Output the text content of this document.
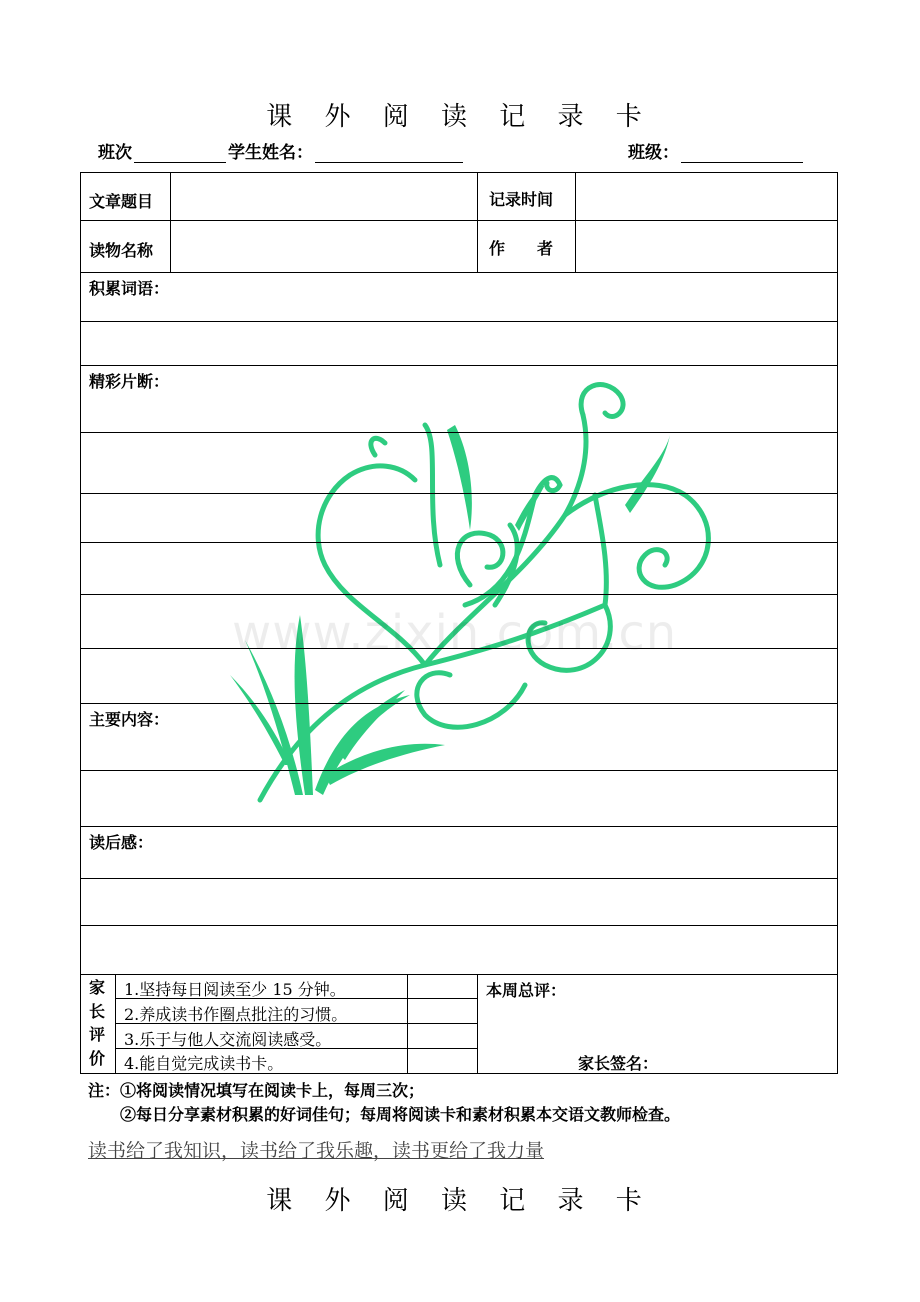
课 外 阅 读 记 录 卡
班次	学生姓名：	班级：
www.zixin.com.cn
文章题目	记录时间
读物名称	作　　者
积累词语：
精彩片断：
主要内容：
读后感：
家
长
评
价
1.坚持每日阅读至少 15 分钟。
2.养成读书作圈点批注的习惯。
3.乐于与他人交流阅读感受。
4.能自觉完成读书卡。
本周总评：
家长签名：
注：①将阅读情况填写在阅读卡上，每周三次；
②每日分享素材积累的好词佳句；每周将阅读卡和素材积累本交语文教师检查。
读书给了我知识，读书给了我乐趣，读书更给了我力量
课 外 阅 读 记 录 卡
